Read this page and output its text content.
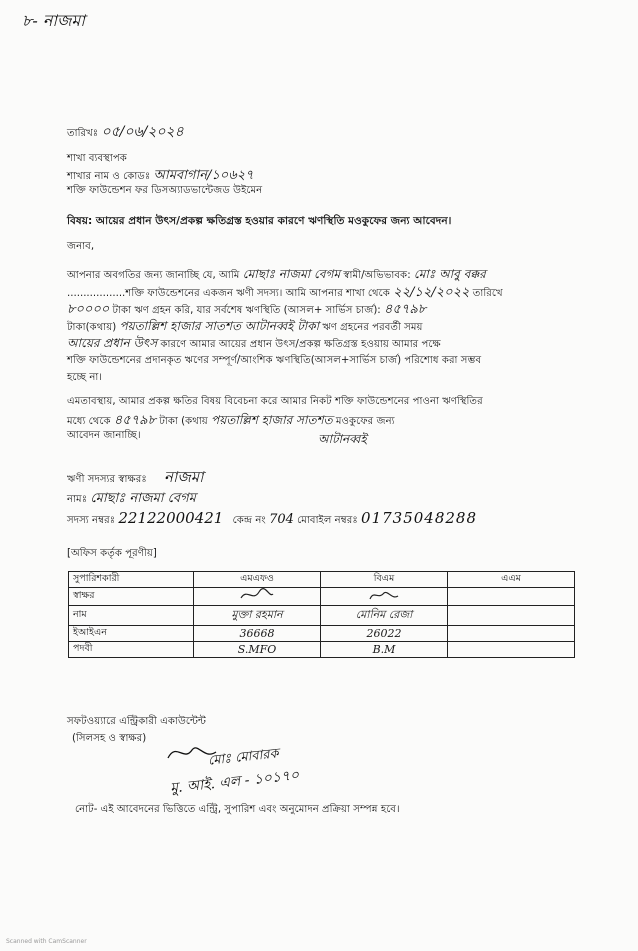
৮- নাজমা
তারিখঃ ০৫/০৬/২০২৪
শাখা ব্যবস্থাপক
শাখার নাম ও কোডঃ আমবাগান/১০৬২৭
শক্তি ফাউন্ডেশন ফর ডিসঅ্যাডভান্টেজড উইমেন
বিষয়: আয়ের প্রধান উৎস/প্রকল্প ক্ষতিগ্রস্ত হওয়ার কারণে ঋণস্থিতি মওকুফের জন্য আবেদন।
জনাব,
আপনার অবগতির জন্য জানাচ্ছি যে, আমি মোছাঃ নাজমা বেগম স্বামী/অভিভাবক: মোঃ আবু বক্কর
..................শক্তি ফাউন্ডেশনের একজন ঋণী সদস্য। আমি আপনার শাখা থেকে ২২/১২/২০২২ তারিখে
৮০০০০ টাকা ঋণ গ্রহন করি, যার সর্বশেষ ঋণস্থিতি (আসল+ সার্ভিস চার্জ): ৪৫৭৯৮
টাকা(কথায়) পয়তাল্লিশ হাজার সাতশত আটানব্বই টাকা ঋণ গ্রহনের পরবর্তী সময়
আয়ের প্রধান উৎস কারণে আমার আয়ের প্রধান উৎস/প্রকল্প ক্ষতিগ্রস্ত হওয়ায় আমার পক্ষে
শক্তি ফাউন্ডেশনের প্রদানকৃত ঋণের সম্পূর্ণ/আংশিক ঋণস্থিতি(আসল+সার্ভিস চার্জ) পরিশোধ করা সম্ভব
হচ্ছে না।
এমতাবস্থায়, আমার প্রকল্প ক্ষতির বিষয় বিবেচনা করে আমার নিকট শক্তি ফাউন্ডেশনের পাওনা ঋণস্থিতির
মধ্যে থেকে ৪৫৭৯৮ টাকা (কথায় পয়তাল্লিশ হাজার সাতশত মওকুফের জন্য
আবেদন জানাচ্ছি।	আটানব্বই
ঋণী সদস্যর স্বাক্ষরঃ নাজমা
নামঃ মোছাঃ নাজমা বেগম
সদস্য নম্বরঃ 22122000421 কেন্দ্র নং 704 মোবাইল নম্বরঃ 01735048288
[অফিস কর্তৃক পূরণীয়]
সুপারিশকারী	এমএফও	বিএম	এএম
স্বাক্ষর			
নাম	মুক্তা রহমান	মোনিম রেজা	
ইআইএন	36668	26022	
পদবী	S.MFO	B.M	
সফটওয়্যারে এন্ট্রিকারী একাউন্টেন্ট
(সিলসহ ও স্বাক্ষর)
মোঃ মোবারক
মু. আই. এল - ১০১৭০
নোট- এই আবেদনের ভিত্তিতে এন্ট্রি, সুপারিশ এবং অনুমোদন প্রক্রিয়া সম্পন্ন হবে।
Scanned with CamScanner
